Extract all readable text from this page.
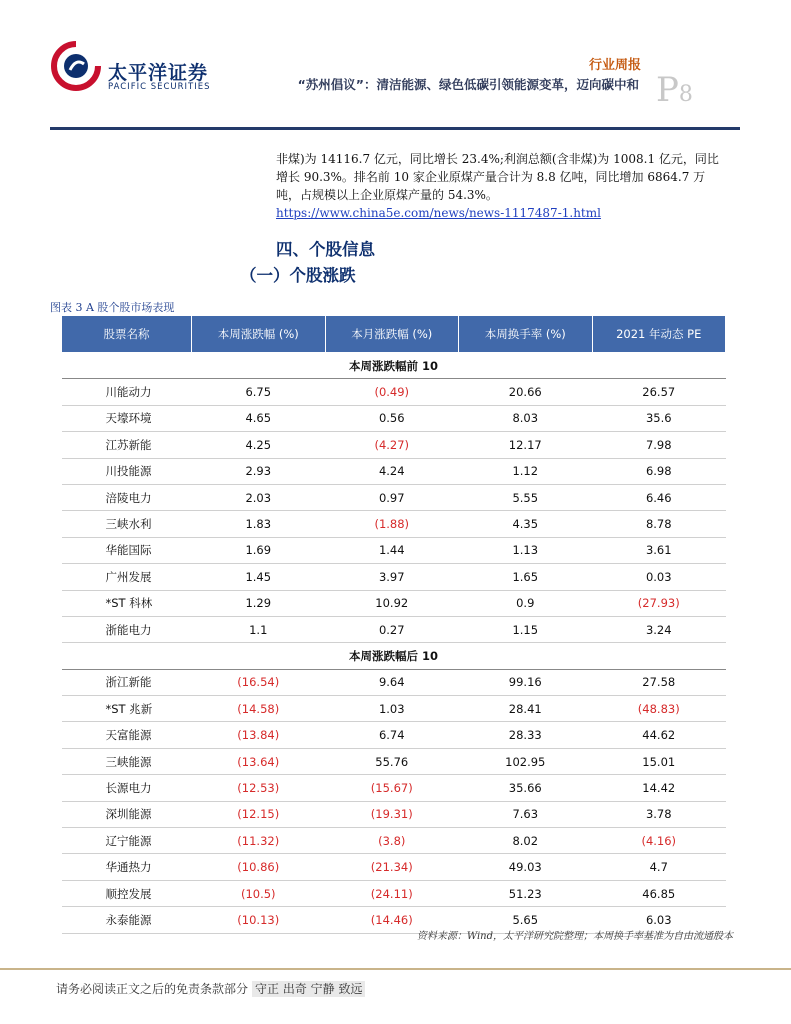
太平洋证券
PACIFIC SECURITIES
行业周报
“苏州倡议”：清洁能源、绿色低碳引领能源变革，迈向碳中和 P8
非煤)为 14116.7 亿元，同比增长 23.4%;利润总额(含非煤)为 1008.1 亿元，同比
增长 90.3%。排名前 10 家企业原煤产量合计为 8.8 亿吨，同比增加 6864.7 万
吨，占规模以上企业原煤产量的 54.3%。
https://www.china5e.com/news/news-1117487-1.html
四、个股信息
（一）个股涨跌
图表 3 A 股个股市场表现
股票名称	本周涨跌幅 (%)	本月涨跌幅 (%)	本周换手率 (%)	2021 年动态 PE
本周涨跌幅前 10				
川能动力	6.75	(0.49)	20.66	26.57
天壕环境	4.65	0.56	8.03	35.6
江苏新能	4.25	(4.27)	12.17	7.98
川投能源	2.93	4.24	1.12	6.98
涪陵电力	2.03	0.97	5.55	6.46
三峡水利	1.83	(1.88)	4.35	8.78
华能国际	1.69	1.44	1.13	3.61
广州发展	1.45	3.97	1.65	0.03
*ST 科林	1.29	10.92	0.9	(27.93)
浙能电力	1.1	0.27	1.15	3.24
本周涨跌幅后 10				
浙江新能	(16.54)	9.64	99.16	27.58
*ST 兆新	(14.58)	1.03	28.41	(48.83)
天富能源	(13.84)	6.74	28.33	44.62
三峡能源	(13.64)	55.76	102.95	15.01
长源电力	(12.53)	(15.67)	35.66	14.42
深圳能源	(12.15)	(19.31)	7.63	3.78
辽宁能源	(11.32)	(3.8)	8.02	(4.16)
华通热力	(10.86)	(21.34)	49.03	4.7
顺控发展	(10.5)	(24.11)	51.23	46.85
永泰能源	(10.13)	(14.46)	5.65	6.03
资料来源：Wind，太平洋研究院整理；本周换手率基准为自由流通股本
请务必阅读正文之后的免责条款部分 守正 出奇 宁静 致远
